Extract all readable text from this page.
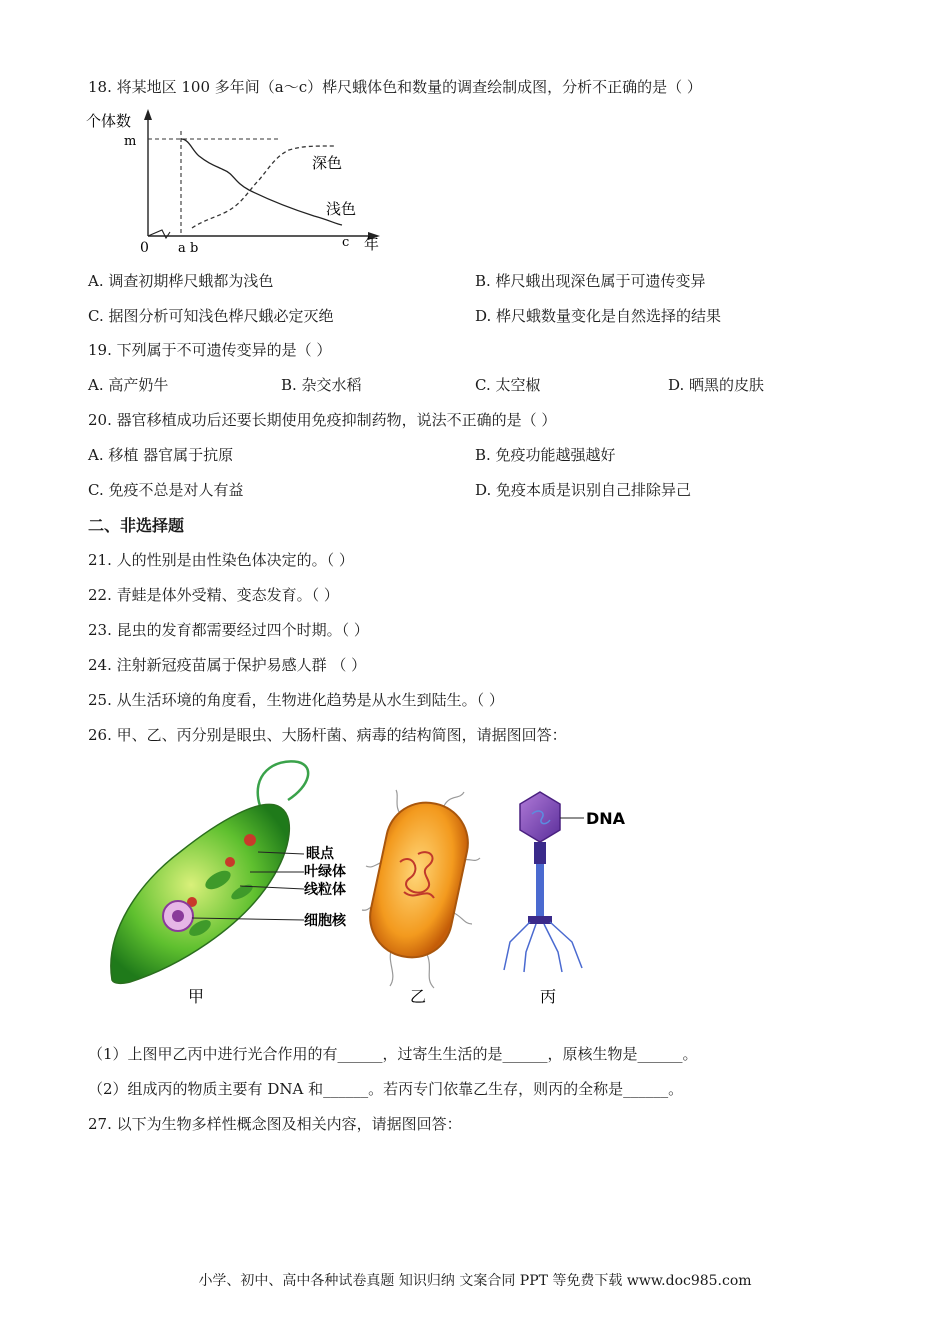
18. 将某地区 100 多年间（a～c）桦尺蛾体色和数量的调查绘制成图，分析不正确的是（ ）
个体数
m
0 a b	c 年
深色
浅色
A. 调查初期桦尺蛾都为浅色	B. 桦尺蛾出现深色属于可遗传变异
C. 据图分析可知浅色桦尺蛾必定灭绝	D. 桦尺蛾数量变化是自然选择的结果
19. 下列属于不可遗传变异的是（ ）
A. 高产奶牛	B. 杂交水稻	C. 太空椒	D. 晒黑的皮肤
20. 器官移植成功后还要长期使用免疫抑制药物，说法不正确的是（ ）
A. 移植 器官属于抗原	B. 免疫功能越强越好
C. 免疫不总是对人有益	D. 免疫本质是识别自己排除异己
二、非选择题
21. 人的性别是由性染色体决定的。（ ）
22. 青蛙是体外受精、变态发育。（ ）
23. 昆虫的发育都需要经过四个时期。（ ）
24. 注射新冠疫苗属于保护易感人群 （ ）
25. 从生活环境的角度看，生物进化趋势是从水生到陆生。（ ）
26. 甲、乙、丙分别是眼虫、大肠杆菌、病毒的结构简图，请据图回答：
眼点
叶绿体
线粒体
细胞核
DNA
甲	乙	丙
（1）上图甲乙丙中进行光合作用的有______，过寄生生活的是______，原核生物是______。
（2）组成丙的物质主要有 DNA 和______。若丙专门依靠乙生存，则丙的全称是______。
27. 以下为生物多样性概念图及相关内容，请据图回答：
小学、初中、高中各种试卷真题 知识归纳 文案合同 PPT 等免费下载 www.doc985.com
